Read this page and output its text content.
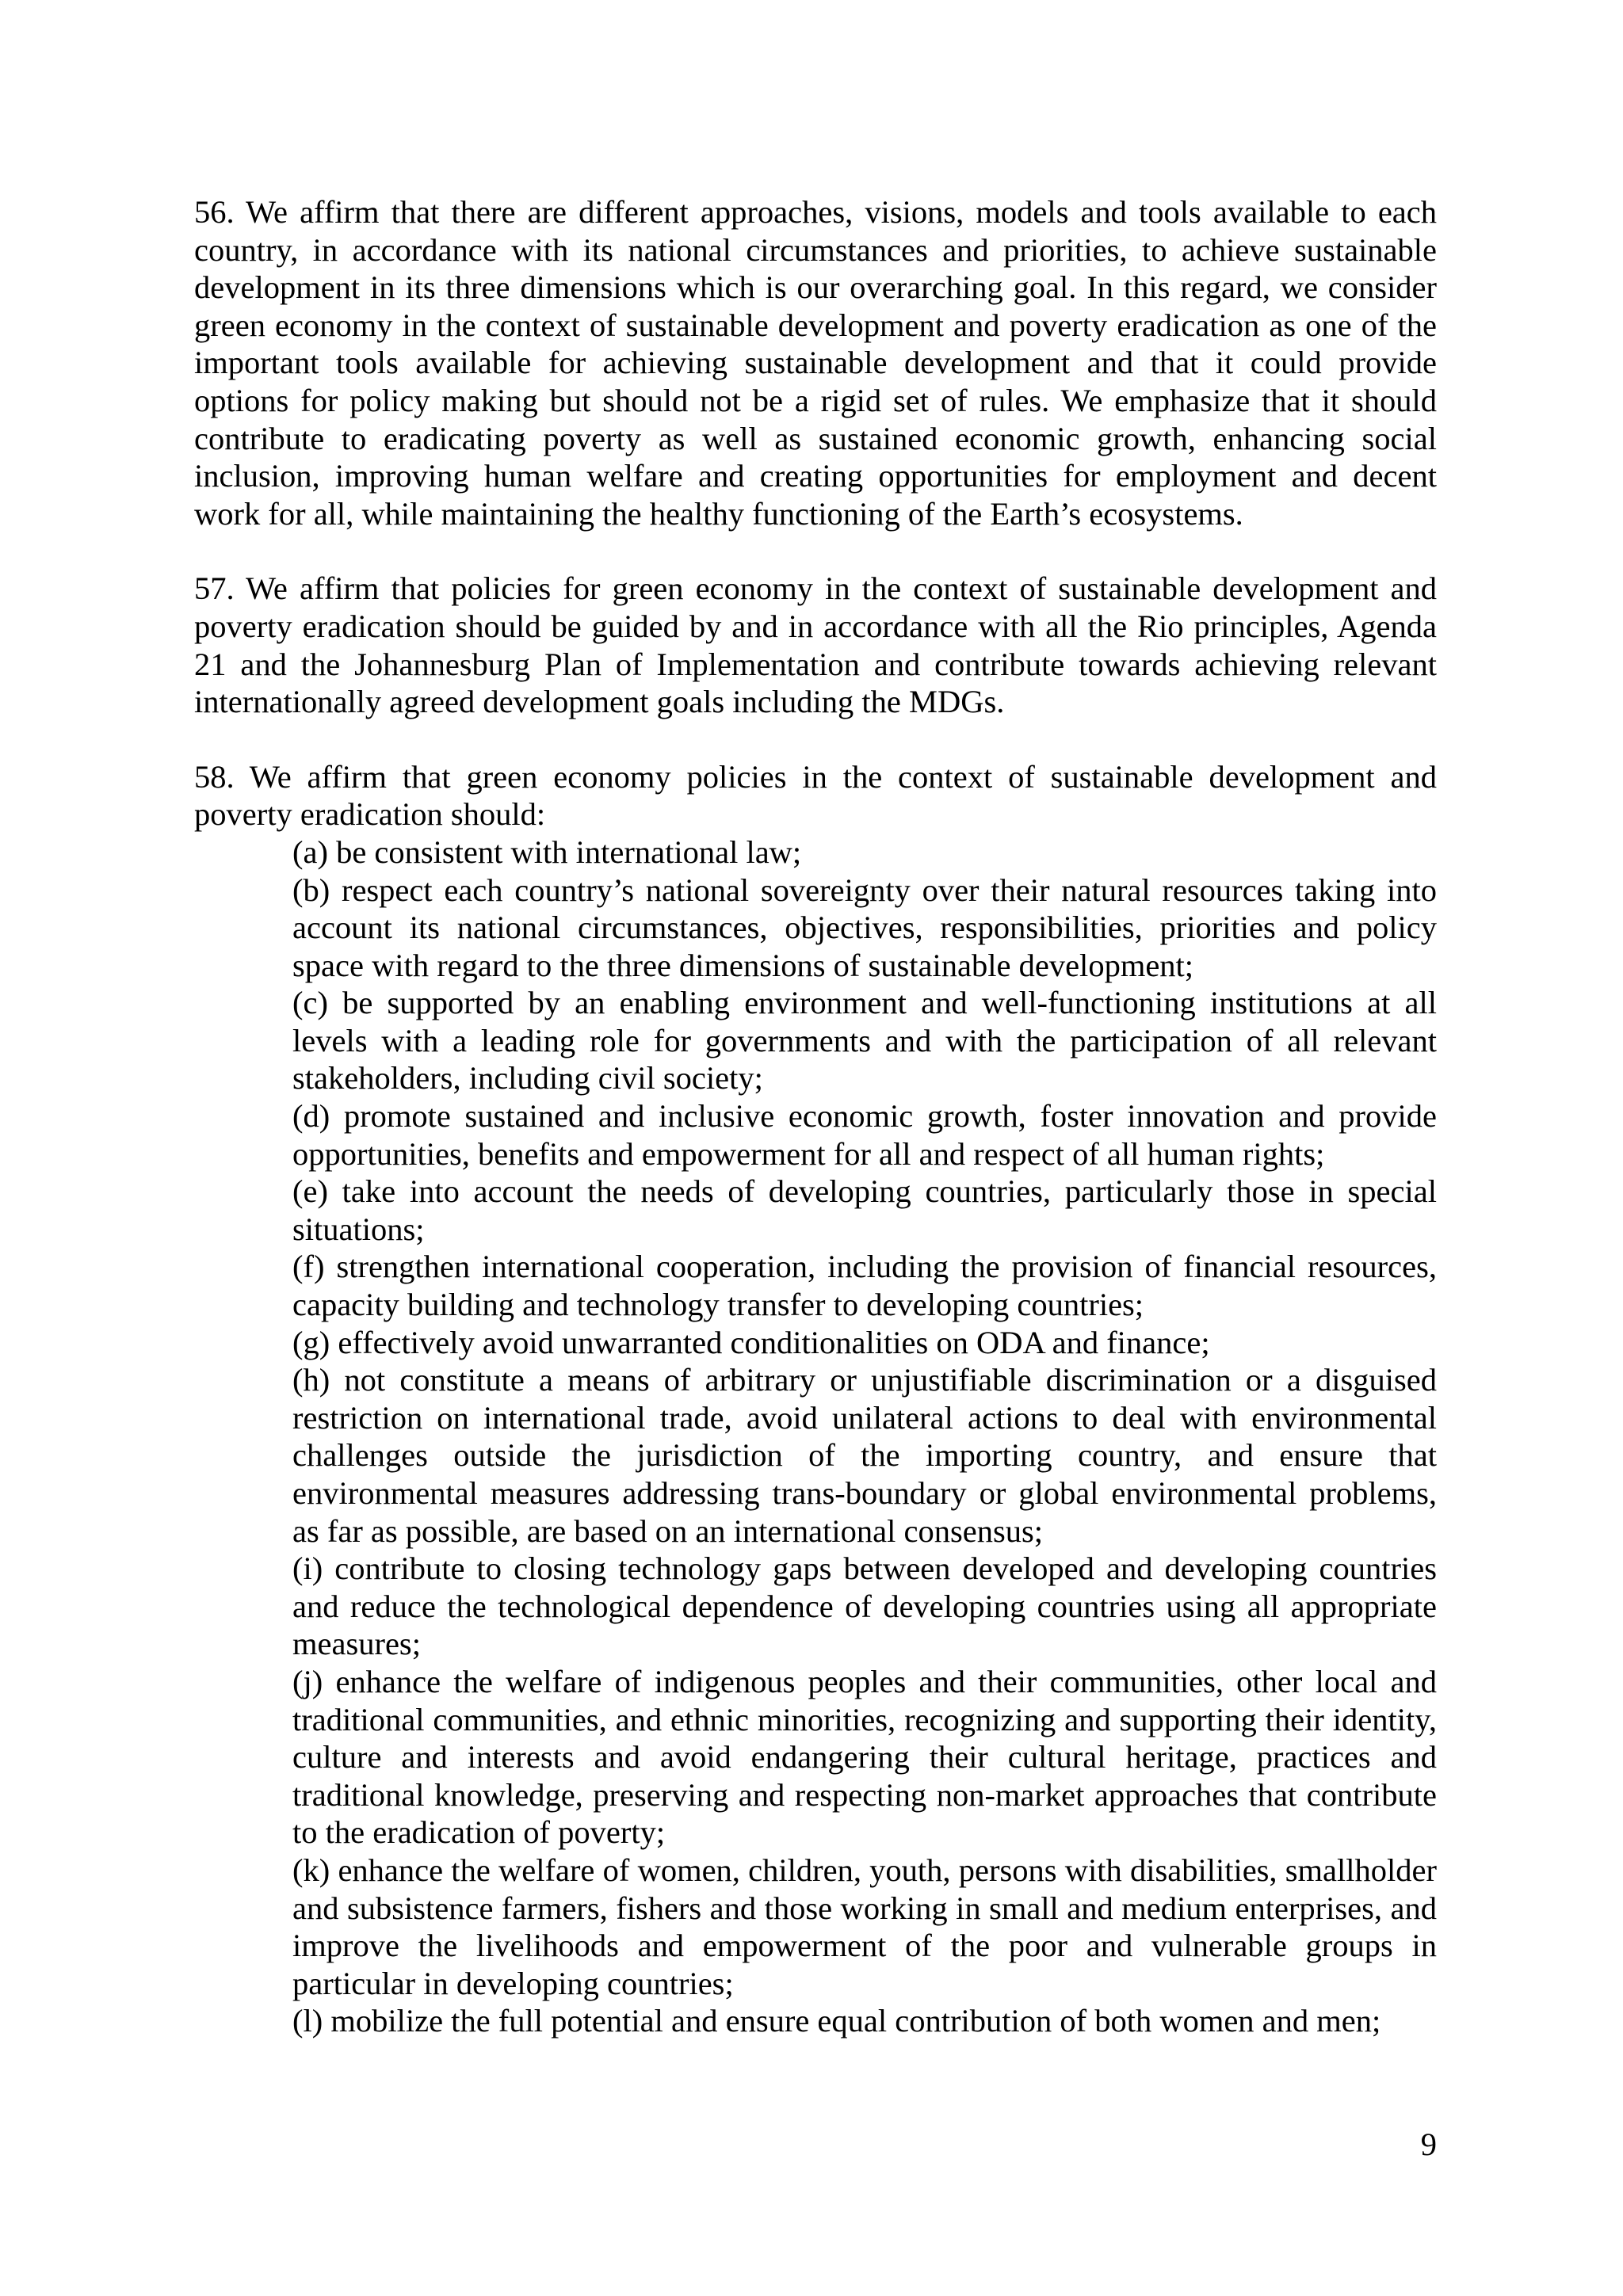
56. We affirm that there are different approaches, visions, models and tools available to each country, in accordance with its national circumstances and priorities, to achieve sustainable development in its three dimensions which is our overarching goal. In this regard, we consider green economy in the context of sustainable development and poverty eradication as one of the important tools available for achieving sustainable development and that it could provide options for policy making but should not be a rigid set of rules. We emphasize that it should contribute to eradicating poverty as well as sustained economic growth, enhancing social inclusion, improving human welfare and creating opportunities for employment and decent work for all, while maintaining the healthy functioning of the Earth’s ecosystems.

57. We affirm that policies for green economy in the context of sustainable development and poverty eradication should be guided by and in accordance with all the Rio principles, Agenda 21 and the Johannesburg Plan of Implementation and contribute towards achieving relevant internationally agreed development goals including the MDGs.

58. We affirm that green economy policies in the context of sustainable development and poverty eradication should:

(a) be consistent with international law;
(b) respect each country’s national sovereignty over their natural resources taking into account its national circumstances, objectives, responsibilities, priorities and policy space with regard to the three dimensions of sustainable development;
(c) be supported by an enabling environment and well-functioning institutions at all levels with a leading role for governments and with the participation of all relevant stakeholders, including civil society;
(d) promote sustained and inclusive economic growth, foster innovation and provide opportunities, benefits and empowerment for all and respect of all human rights;
(e) take into account the needs of developing countries, particularly those in special situations;
(f) strengthen international cooperation, including the provision of financial resources, capacity building and technology transfer to developing countries;
(g) effectively avoid unwarranted conditionalities on ODA and finance;
(h) not constitute a means of arbitrary or unjustifiable discrimination or a disguised restriction on international trade, avoid unilateral actions to deal with environmental challenges outside the jurisdiction of the importing country, and ensure that environmental measures addressing trans-boundary or global environmental problems, as far as possible, are based on an international consensus;
(i) contribute to closing technology gaps between developed and developing countries and reduce the technological dependence of developing countries using all appropriate measures;
(j) enhance the welfare of indigenous peoples and their communities, other local and traditional communities, and ethnic minorities, recognizing and supporting their identity, culture and interests and avoid endangering their cultural heritage, practices and traditional knowledge, preserving and respecting non-market approaches that contribute to the eradication of poverty;
(k) enhance the welfare of women, children, youth, persons with disabilities, smallholder and subsistence farmers, fishers and those working in small and medium enterprises, and improve the livelihoods and empowerment of the poor and vulnerable groups in particular in developing countries;
(l) mobilize the full potential and ensure equal contribution of both women and men;
9
